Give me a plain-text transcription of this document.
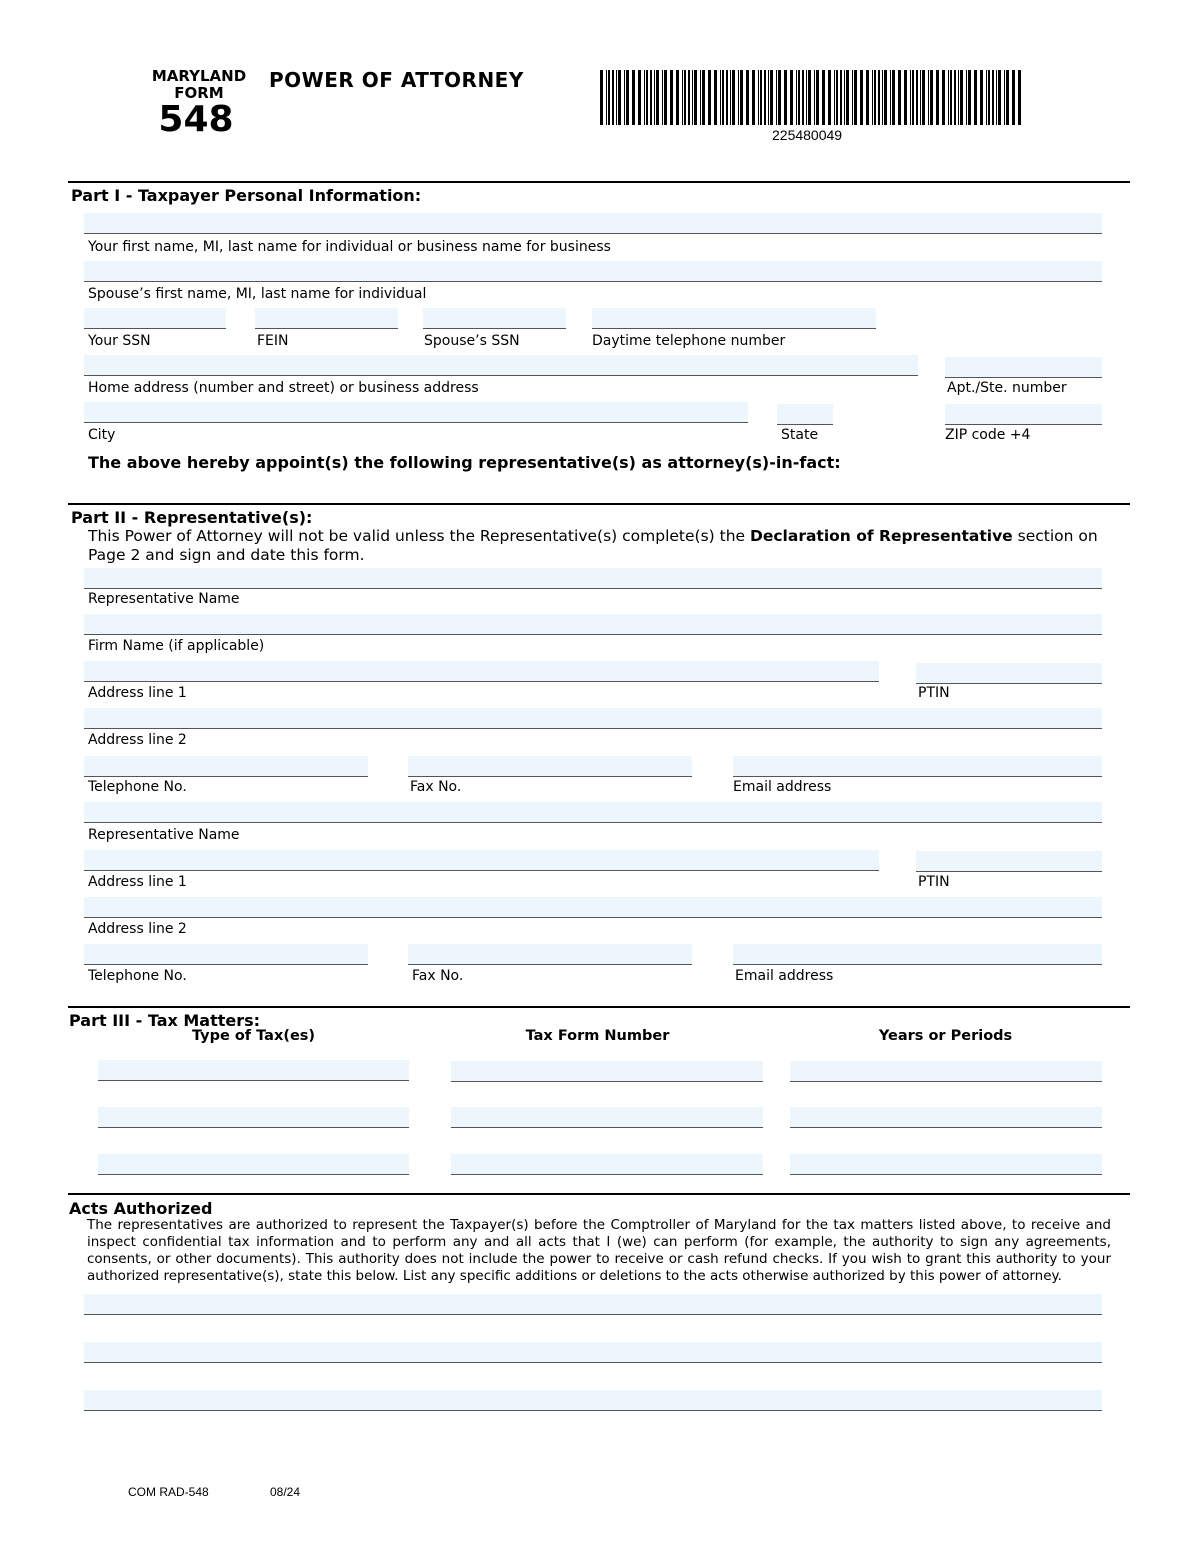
MARYLAND
FORM
548
POWER OF ATTORNEY
225480049
Part I - Taxpayer Personal Information:
Your first name, MI, last name for individual or business name for business
Spouse’s first name, MI, last name for individual
Your SSN	FEIN	Spouse’s SSN	Daytime telephone number
Home address (number and street) or business address	Apt./Ste. number
City	State	ZIP code +4
The above hereby appoint(s) the following representative(s) as attorney(s)-in-fact:
Part II - Representative(s):
This Power of Attorney will not be valid unless the Representative(s) complete(s) the Declaration of Representative section on Page 2 and sign and date this form.
Representative Name
Firm Name (if applicable)
Address line 1	PTIN
Address line 2
Telephone No.	Fax No.	Email address
Representative Name
Address line 1	PTIN
Address line 2
Telephone No.	Fax No.	Email address
Part III - Tax Matters:
Type of Tax(es)	Tax Form Number	Years or Periods
Acts Authorized
The representatives are authorized to represent the Taxpayer(s) before the Comptroller of Maryland for the tax matters listed above, to receive and inspect confidential tax information and to perform any and all acts that I (we) can perform (for example, the authority to sign any agreements, consents, or other documents). This authority does not include the power to receive or cash refund checks. If you wish to grant this authority to your authorized representative(s), state this below. List any specific additions or deletions to the acts otherwise authorized by this power of attorney.
COM RAD-548	08/24
